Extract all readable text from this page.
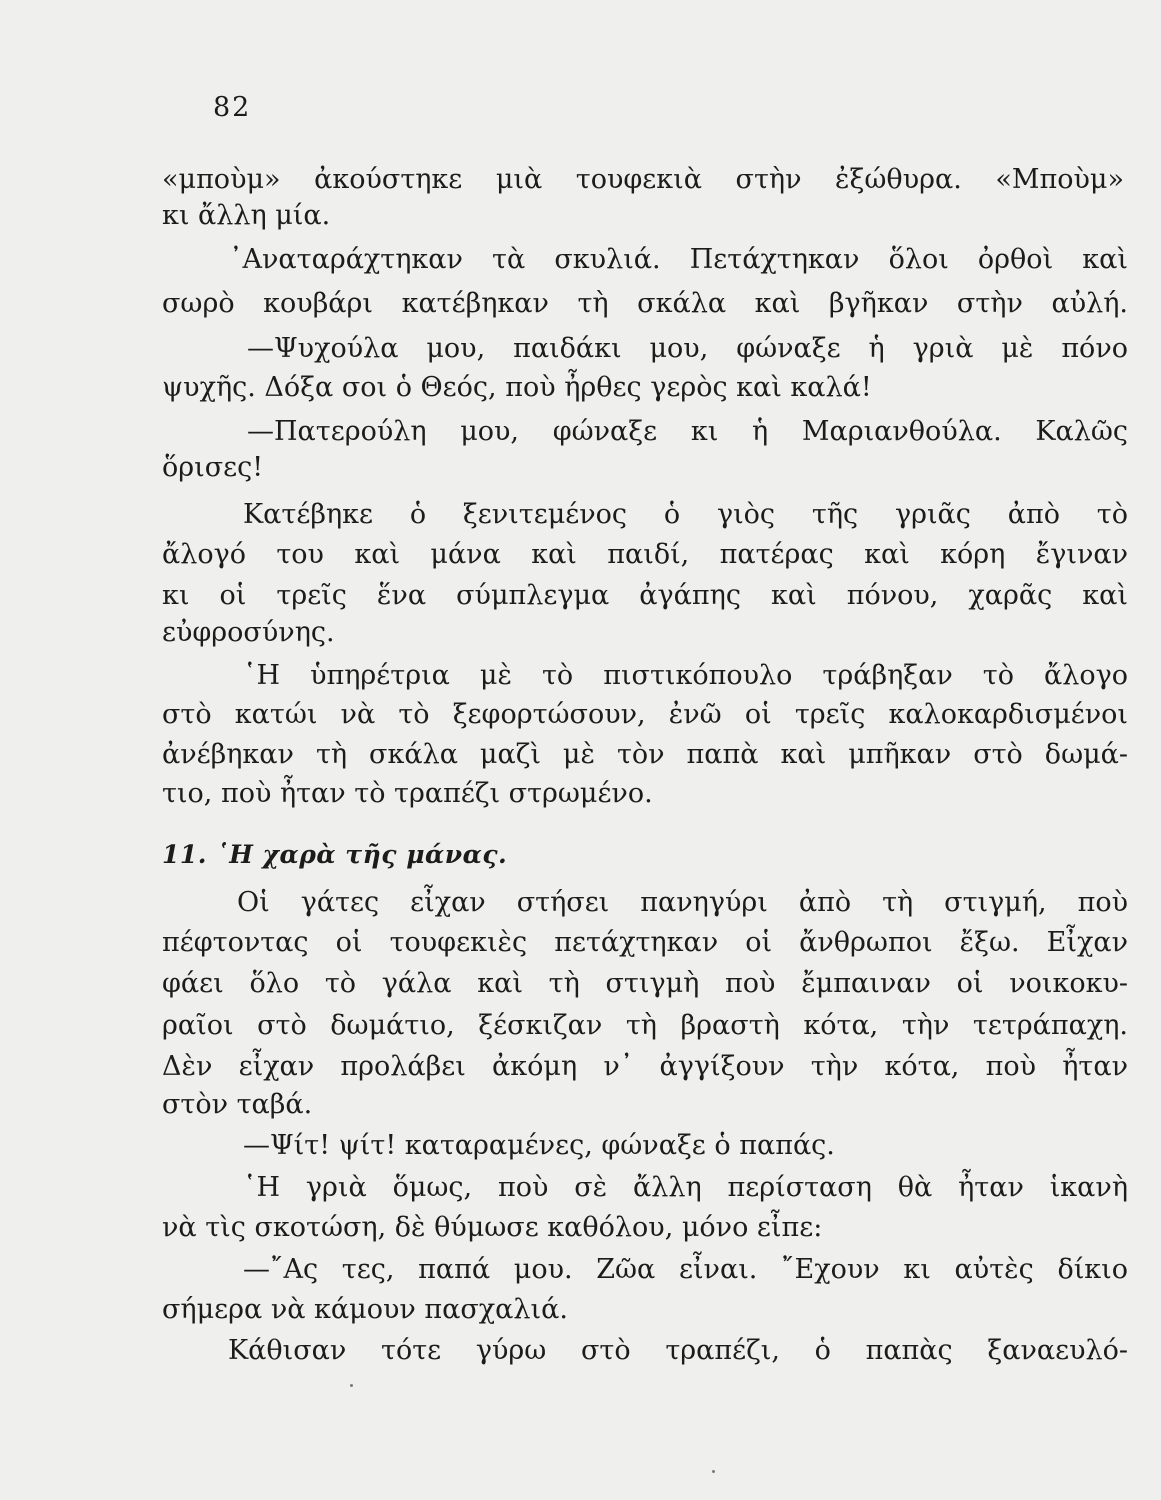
82
«μποὺμ» ἀκούστηκε μιὰ τουφεκιὰ στὴν ἐξώθυρα. «Μποὺμ»
κι ἄλλη μία.
᾿Αναταράχτηκαν τὰ σκυλιά. Πετάχτηκαν ὅλοι ὀρθοὶ καὶ
σωρὸ κουβάρι κατέβηκαν τὴ σκάλα καὶ βγῆκαν στὴν αὐλή.
—Ψυχούλα μου, παιδάκι μου, φώναξε ἡ γριὰ μὲ πόνο
ψυχῆς. Δόξα σοι ὁ Θεός, ποὺ ἦρθες γερὸς καὶ καλά!
—Πατερούλη μου, φώναξε κι ἡ Μαριανθούλα. Καλῶς
ὅρισες!
Κατέβηκε ὁ ξενιτεμένος ὁ γιὸς τῆς γριᾶς ἀπὸ τὸ
ἄλογό του καὶ μάνα καὶ παιδί, πατέρας καὶ κόρη ἔγιναν
κι οἱ τρεῖς ἕνα σύμπλεγμα ἀγάπης καὶ πόνου, χαρᾶς καὶ
εὐφροσύνης.
῾Η ὑπηρέτρια μὲ τὸ πιστικόπουλο τράβηξαν τὸ ἄλογο
στὸ κατώι νὰ τὸ ξεφορτώσουν, ἐνῶ οἱ τρεῖς καλοκαρδισμένοι
ἀνέβηκαν τὴ σκάλα μαζὶ μὲ τὸν παπὰ καὶ μπῆκαν στὸ δωμά-
τιο, ποὺ ἦταν τὸ τραπέζι στρωμένο.
11. ῾Η χαρὰ τῆς μάνας.
Οἱ γάτες εἶχαν στήσει πανηγύρι ἀπὸ τὴ στιγμή, ποὺ
πέφτοντας οἱ τουφεκιὲς πετάχτηκαν οἱ ἄνθρωποι ἔξω. Εἶχαν
φάει ὅλο τὸ γάλα καὶ τὴ στιγμὴ ποὺ ἔμπαιναν οἱ νοικοκυ-
ραῖοι στὸ δωμάτιο, ξέσκιζαν τὴ βραστὴ κότα, τὴν τετράπαχη.
Δὲν εἶχαν προλάβει ἀκόμη ν᾿ ἀγγίξουν τὴν κότα, ποὺ ἦταν
στὸν ταβά.
—Ψίτ! ψίτ! καταραμένες, φώναξε ὁ παπάς.
῾Η γριὰ ὅμως, ποὺ σὲ ἄλλη περίσταση θὰ ἦταν ἱκανὴ
νὰ τὶς σκοτώση, δὲ θύμωσε καθόλου, μόνο εἶπε:
—῎Ας τες, παπά μου. Ζῶα εἶναι. ῎Εχουν κι αὐτὲς δίκιο
σήμερα νὰ κάμουν πασχαλιά.
Κάθισαν τότε γύρω στὸ τραπέζι, ὁ παπὰς ξαναευλό-
